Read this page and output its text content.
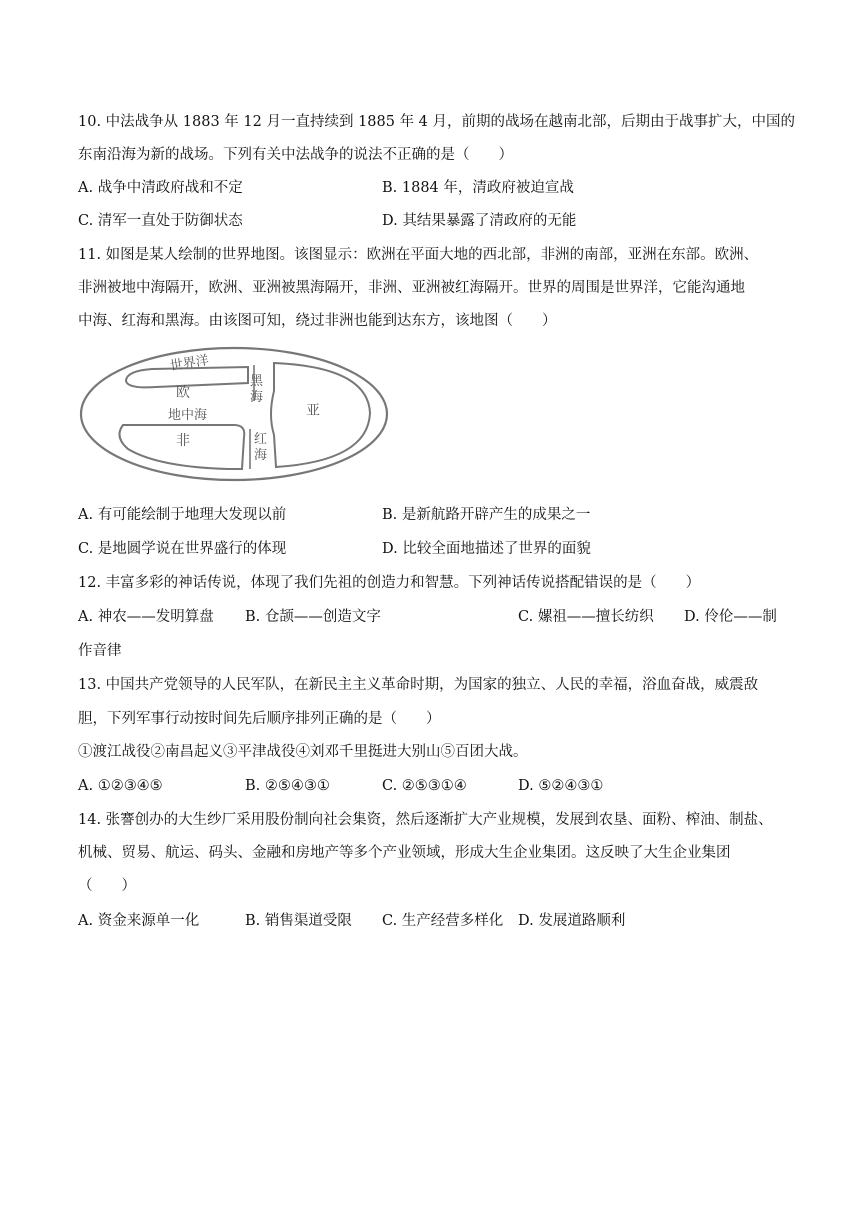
10. 中法战争从 1883 年 12 月一直持续到 1885 年 4 月，前期的战场在越南北部，后期由于战事扩大，中国的
东南沿海为新的战场。下列有关中法战争的说法不正确的是（　　）
A. 战争中清政府战和不定	B. 1884 年，清政府被迫宣战
C. 清军一直处于防御状态	D. 其结果暴露了清政府的无能
11. 如图是某人绘制的世界地图。该图显示：欧洲在平面大地的西北部，非洲的南部，亚洲在东部。欧洲、
非洲被地中海隔开，欧洲、亚洲被黑海隔开，非洲、亚洲被红海隔开。世界的周围是世界洋，它能沟通地
中海、红海和黑海。由该图可知，绕过非洲也能到达东方，该地图（　　）
世界洋
欧
黑
海
亚
地中海
非	红
海
A. 有可能绘制于地理大发现以前	B. 是新航路开辟产生的成果之一
C. 是地圆学说在世界盛行的体现	D. 比较全面地描述了世界的面貌
12. 丰富多彩的神话传说，体现了我们先祖的创造力和智慧。下列神话传说搭配错误的是（　　）
A. 神农——发明算盘 B. 仓颉——创造文字	C. 嫘祖——擅长纺织 D. 伶伦——制
作音律
13. 中国共产党领导的人民军队，在新民主主义革命时期，为国家的独立、人民的幸福，浴血奋战，威震敌
胆，下列军事行动按时间先后顺序排列正确的是（　　）
①渡江战役②南昌起义③平津战役④刘邓千里挺进大别山⑤百团大战。
A. ①②③④⑤	B. ②⑤④③①	C. ②⑤③①④	D. ⑤②④③①
14. 张謇创办的大生纱厂采用股份制向社会集资，然后逐渐扩大产业规模，发展到农垦、面粉、榨油、制盐、
机械、贸易、航运、码头、金融和房地产等多个产业领域，形成大生企业集团。这反映了大生企业集团
（　　）
A. 资金来源单一化	B. 销售渠道受限 C. 生产经营多样化 D. 发展道路顺利
